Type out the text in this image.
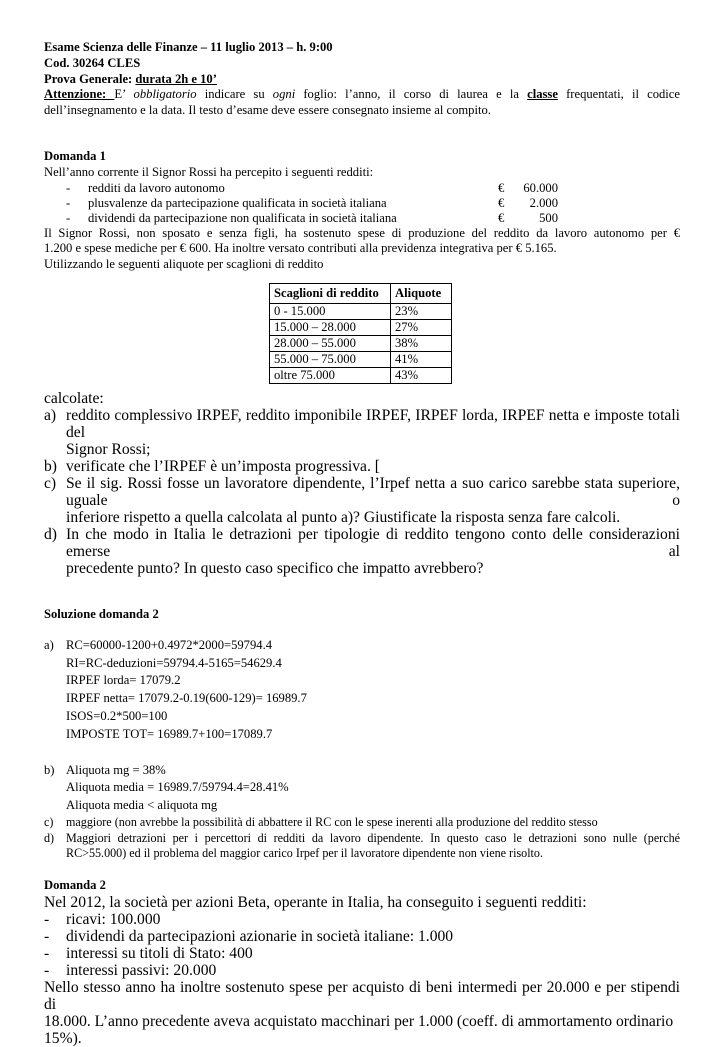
Esame Scienza delle Finanze – 11 luglio 2013 – h. 9:00
Cod. 30264 CLES
Prova Generale: durata 2h e 10’
Attenzione: E’ obbligatorio indicare su ogni foglio: l’anno, il corso di laurea e la classe frequentati, il codice
dell’insegnamento e la data. Il testo d’esame deve essere consegnato insieme al compito.
Domanda 1
Nell’anno corrente il Signor Rossi ha percepito i seguenti redditi:
-	redditi da lavoro autonomo	€	60.000
-	plusvalenze da partecipazione qualificata in società italiana	€	2.000
-	dividendi da partecipazione non qualificata in società italiana	€	500
Il Signor Rossi, non sposato e senza figli, ha sostenuto spese di produzione del reddito da lavoro autonomo per €
1.200 e spese mediche per € 600. Ha inoltre versato contributi alla previdenza integrativa per € 5.165.
Utilizzando le seguenti aliquote per scaglioni di reddito
Scaglioni di reddito	Aliquote
0 - 15.000	23%
15.000 – 28.000	27%
28.000 – 55.000	38%
55.000 – 75.000	41%
oltre 75.000	43%
calcolate:
a) reddito complessivo IRPEF, reddito imponibile IRPEF, IRPEF lorda, IRPEF netta e imposte totali del
Signor Rossi;
b) verificate che l’IRPEF è un’imposta progressiva. [
c) Se il sig. Rossi fosse un lavoratore dipendente, l’Irpef netta a suo carico sarebbe stata superiore, uguale o
inferiore rispetto a quella calcolata al punto a)? Giustificate la risposta senza fare calcoli.
d) In che modo in Italia le detrazioni per tipologie di reddito tengono conto delle considerazioni emerse al
precedente punto? In questo caso specifico che impatto avrebbero?
Soluzione domanda 2
a) RC=60000-1200+0.4972*2000=59794.4
RI=RC-deduzioni=59794.4-5165=54629.4
IRPEF lorda= 17079.2
IRPEF netta= 17079.2-0.19(600-129)= 16989.7
ISOS=0.2*500=100
IMPOSTE TOT= 16989.7+100=17089.7
b) Aliquota mg = 38%
Aliquota media = 16989.7/59794.4=28.41%
Aliquota media < aliquota mg
c)	maggiore (non avrebbe la possibilità di abbattere il RC con le spese inerenti alla produzione del reddito stesso
d) Maggiori detrazioni per i percettori di redditi da lavoro dipendente. In questo caso le detrazioni sono nulle (perché
RC>55.000) ed il problema del maggior carico Irpef per il lavoratore dipendente non viene risolto.
Domanda 2
Nel 2012, la società per azioni Beta, operante in Italia, ha conseguito i seguenti redditi:
-	ricavi: 100.000
-	dividendi da partecipazioni azionarie in società italiane: 1.000
-	interessi su titoli di Stato: 400
-	interessi passivi: 20.000
Nello stesso anno ha inoltre sostenuto spese per acquisto di beni intermedi per 20.000 e per stipendi di
18.000. L’anno precedente aveva acquistato macchinari per 1.000 (coeff. di ammortamento ordinario 15%).
